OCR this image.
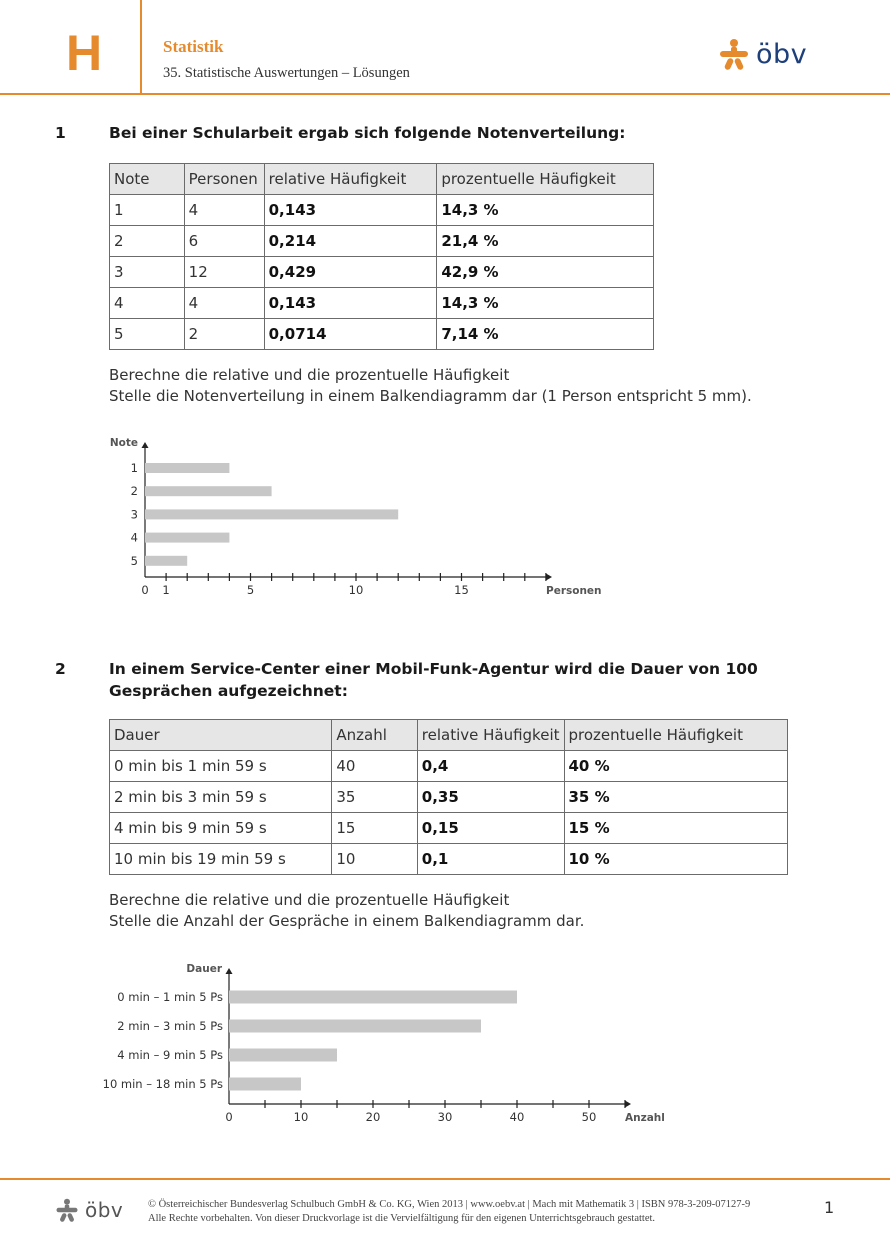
H	Statistik
35. Statistische Auswertungen – Lösungen
öbv
1	Bei einer Schularbeit ergab sich folgende Notenverteilung:
Note	Personen	relative Häufigkeit	prozentuelle Häufigkeit
1	4	0,143	14,3 %
2	6	0,214	21,4 %
3	12	0,429	42,9 %
4	4	0,143	14,3 %
5	2	0,0714	7,14 %
Berechne die relative und die prozentuelle Häufigkeit
Stelle die Notenverteilung in einem Balkendiagramm dar (1 Person entspricht 5 mm).
0 1	5	10	15
1
2
3
4
5
Note
Personen
2	In einem Service-Center einer Mobil-Funk-Agentur wird die Dauer von 100 Gesprächen aufgezeichnet:
Dauer	Anzahl	relative Häufigkeit	prozentuelle Häufigkeit
0 min bis 1 min 59 s	40	0,4	40 %
2 min bis 3 min 59 s	35	0,35	35 %
4 min bis 9 min 59 s	15	0,15	15 %
10 min bis 19 min 59 s	10	0,1	10 %
Berechne die relative und die prozentuelle Häufigkeit
Stelle die Anzahl der Gespräche in einem Balkendiagramm dar.
0	10	20	30	40	50
0 min – 1 min 5 Ps
2 min – 3 min 5 Ps
4 min – 9 min 5 Ps
10 min – 18 min 5 Ps
Dauer
Anzahl
öbv © Österreichischer Bundesverlag Schulbuch GmbH & Co. KG, Wien 2013 | www.oebv.at | Mach mit Mathematik 3 | ISBN 978-3-209-07127-9
Alle Rechte vorbehalten. Von dieser Druckvorlage ist die Vervielfältigung für den eigenen Unterrichtsgebrauch gestattet.
1
